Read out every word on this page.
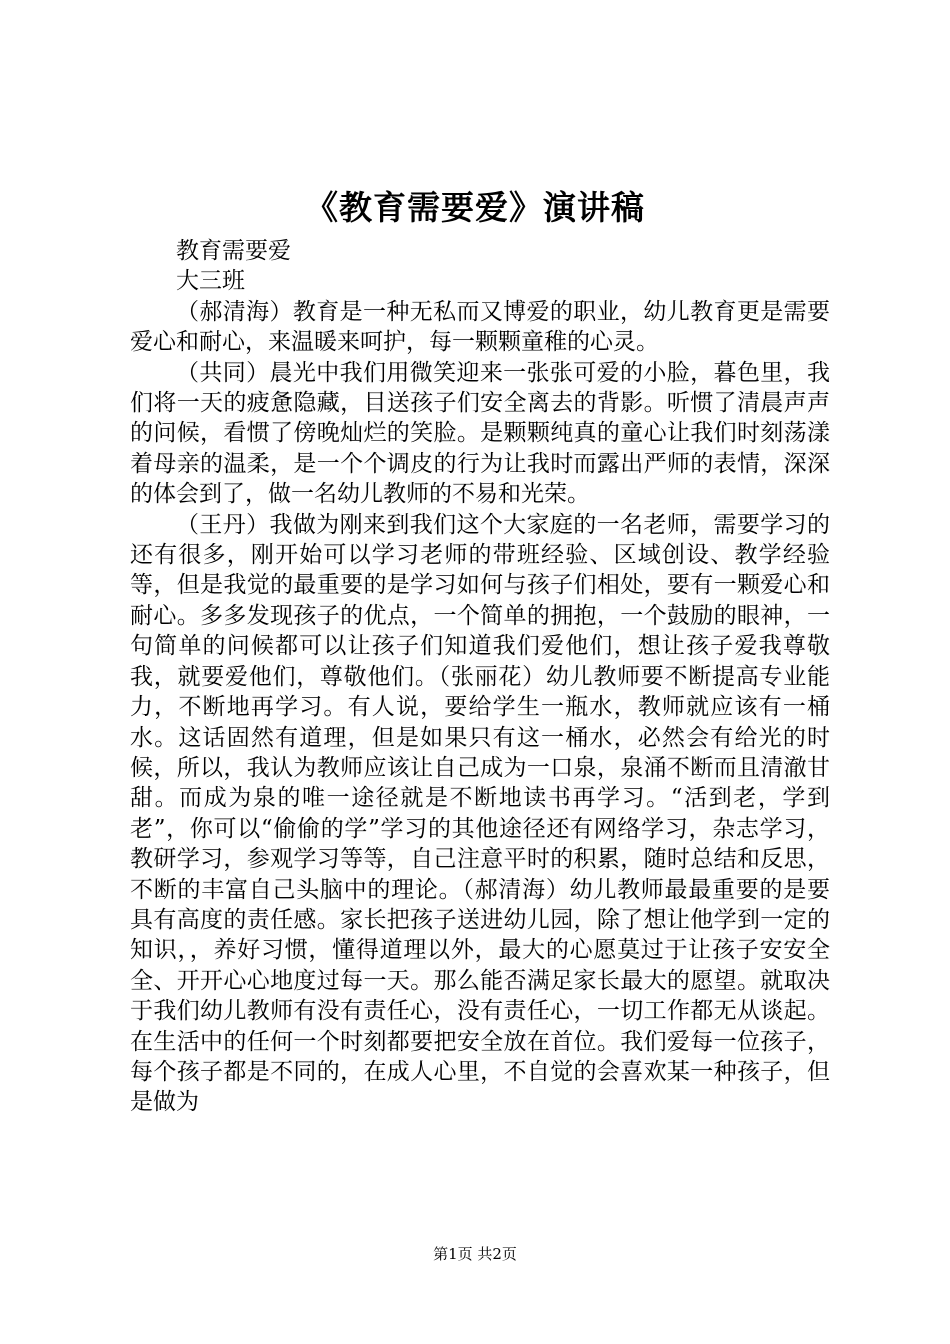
《教育需要爱》演讲稿

教育需要爱

大三班

（郝清海）教育是一种无私而又博爱的职业，幼儿教育更是需要爱心和耐心，来温暖来呵护，每一颗颗童稚的心灵。

（共同）晨光中我们用微笑迎来一张张可爱的小脸，暮色里，我们将一天的疲惫隐藏，目送孩子们安全离去的背影。听惯了清晨声声的问候，看惯了傍晚灿烂的笑脸。是颗颗纯真的童心让我们时刻荡漾着母亲的温柔，是一个个调皮的行为让我时而露出严师的表情，深深的体会到了，做一名幼儿教师的不易和光荣。

（王丹）我做为刚来到我们这个大家庭的一名老师，需要学习的还有很多，刚开始可以学习老师的带班经验、区域创设、教学经验等，但是我觉的最重要的是学习如何与孩子们相处，要有一颗爱心和耐心。多多发现孩子的优点，一个简单的拥抱，一个鼓励的眼神，一句简单的问候都可以让孩子们知道我们爱他们，想让孩子爱我尊敬我，就要爱他们，尊敬他们。（张丽花）幼儿教师要不断提高专业能力，不断地再学习。有人说，要给学生一瓶水，教师就应该有一桶水。这话固然有道理，但是如果只有这一桶水，必然会有给光的时候，所以，我认为教师应该让自己成为一口泉，泉涌不断而且清澈甘甜。而成为泉的唯一途径就是不断地读书再学习。“活到老，学到老”，你可以“偷偷的学”学习的其他途径还有网络学习，杂志学习，教研学习，参观学习等等，自己注意平时的积累，随时总结和反思，不断的丰富自己头脑中的理论。（郝清海）幼儿教师最最重要的是要具有高度的责任感。家长把孩子送进幼儿园，除了想让他学到一定的知识，，养好习惯，懂得道理以外，最大的心愿莫过于让孩子安安全全、开开心心地度过每一天。那么能否满足家长最大的愿望。就取决于我们幼儿教师有没有责任心，没有责任心，一切工作都无从谈起。在生活中的任何一个时刻都要把安全放在首位。我们爱每一位孩子，每个孩子都是不同的，在成人心里，不自觉的会喜欢某一种孩子，但是做为

第1页 共2页
